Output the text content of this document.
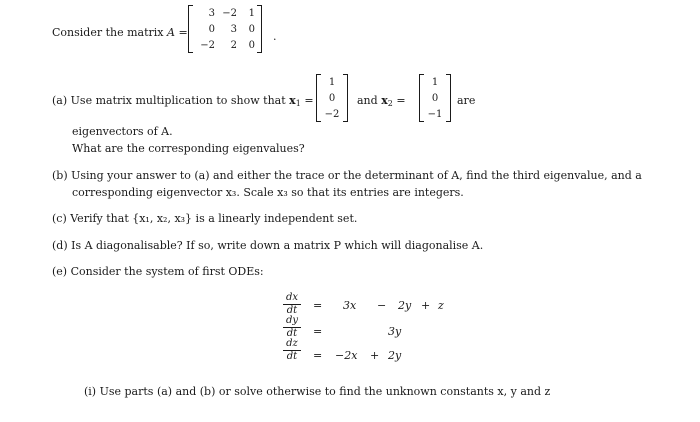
Consider the matrix A =
3 −2 1
0 3 0
−2 2 0
.
(a) Use matrix multiplication to show that $x_1$ =
1
0
−2
and $x_2$ =
1
0
−1
are
eigenvectors of A.
What are the corresponding eigenvalues?
(b) Using your answer to (a) and either the trace or the determinant of A, find the third eigenvalue, and a
corresponding eigenvector x₃. Scale x₃ so that its entries are integers.
(c) Verify that {x₁, x₂, x₃} is a linearly independent set.
(d) Is A diagonalisable? If so, write down a matrix P which will diagonalise A.
(e) Consider the system of first ODEs:
dx
dt
dy
dt
dz
dt
=
=
=
3x − 2y + z
3y
−2x + 2y
(i) Use parts (a) and (b) or solve otherwise to find the unknown constants x, y and z
